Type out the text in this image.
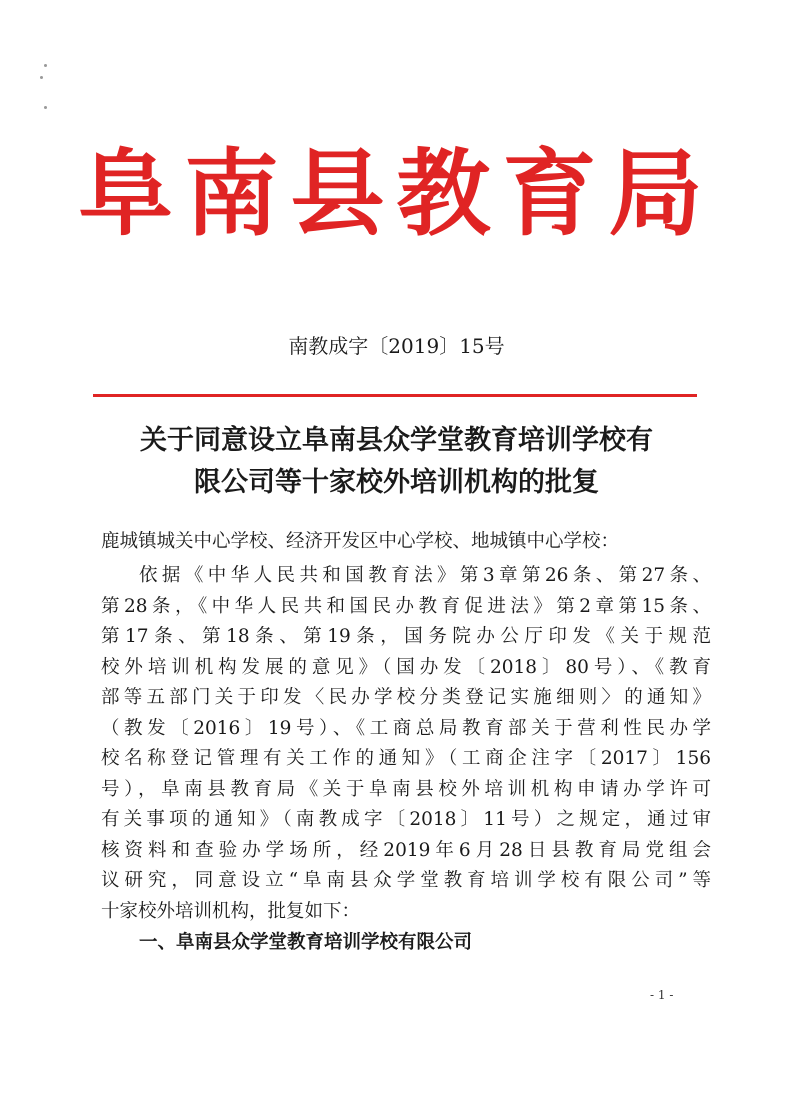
阜南县教育局
南教成字〔2019〕15号
关于同意设立阜南县众学堂教育培训学校有
限公司等十家校外培训机构的批复
鹿城镇城关中心学校、经济开发区中心学校、地城镇中心学校：
依据《中华人民共和国教育法》第3章第26条、第27条、
第28条，《中华人民共和国民办教育促进法》第2章第15条、
第17条、第18条、第19条，国务院办公厅印发《关于规范
校外培训机构发展的意见》（国办发〔2018〕80号）、《教育
部等五部门关于印发〈民办学校分类登记实施细则〉的通知》
（教发〔2016〕19号）、《工商总局教育部关于营利性民办学
校名称登记管理有关工作的通知》（工商企注字〔2017〕156
号），阜南县教育局《关于阜南县校外培训机构申请办学许可
有关事项的通知》（南教成字〔2018〕11号）之规定，通过审
核资料和查验办学场所，经2019年6月28日县教育局党组会
议研究，同意设立“阜南县众学堂教育培训学校有限公司”等
十家校外培训机构，批复如下：
一、阜南县众学堂教育培训学校有限公司
- 1 -
